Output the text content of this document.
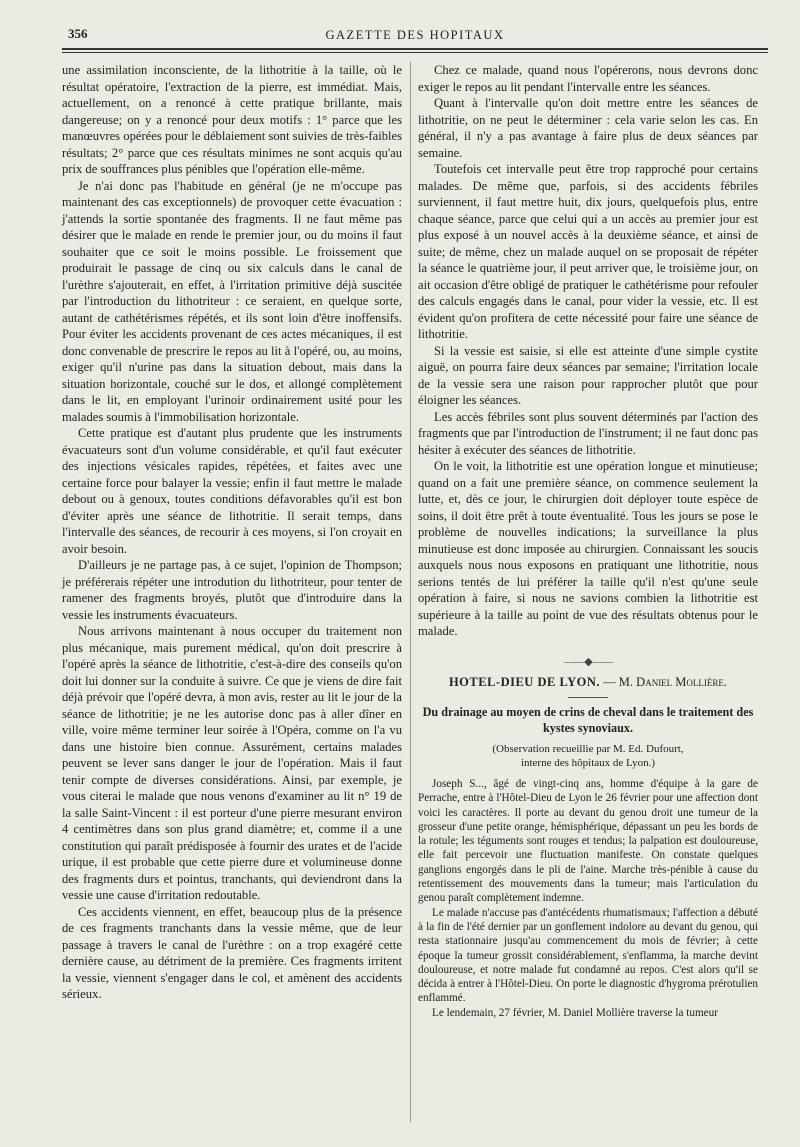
356	GAZETTE DES HOPITAUX

une assimilation inconsciente, de la lithotritie à la taille, où le résultat opératoire, l'extraction de la pierre, est immédiat. Mais, actuellement, on a renoncé à cette pratique brillante, mais dangereuse; on y a renoncé pour deux motifs : 1° parce que les manœuvres opérées pour le déblaiement sont suivies de très-faibles résultats; 2° parce que ces résultats minimes ne sont acquis qu'au prix de souffrances plus pénibles que l'opération elle-même.

Je n'ai donc pas l'habitude en général (je ne m'occupe pas maintenant des cas exceptionnels) de provoquer cette évacuation : j'attends la sortie spontanée des fragments. Il ne faut même pas désirer que le malade en rende le premier jour, ou du moins il faut souhaiter que ce soit le moins possible. Le froissement que produirait le passage de cinq ou six calculs dans le canal de l'urèthre s'ajouterait, en effet, à l'irritation primitive déjà suscitée par l'introduction du lithotriteur : ce seraient, en quelque sorte, autant de cathétérismes répétés, et ils sont loin d'être inoffensifs. Pour éviter les accidents provenant de ces actes mécaniques, il est donc convenable de prescrire le repos au lit à l'opéré, ou, au moins, exiger qu'il n'urine pas dans la situation debout, mais dans la situation horizontale, couché sur le dos, et allongé complètement dans le lit, en employant l'urinoir ordinairement usité pour les malades soumis à l'immobilisation horizontale.

Cette pratique est d'autant plus prudente que les instruments évacuateurs sont d'un volume considérable, et qu'il faut exécuter des injections vésicales rapides, répétées, et faites avec une certaine force pour balayer la vessie; enfin il faut mettre le malade debout ou à genoux, toutes conditions défavorables qu'il est bon d'éviter après une séance de lithotritie. Il serait temps, dans l'intervalle des séances, de recourir à ces moyens, si l'on croyait en avoir besoin.

D'ailleurs je ne partage pas, à ce sujet, l'opinion de Thompson; je préférerais répéter une introdution du lithotriteur, pour tenter de ramener des fragments broyés, plutôt que d'introduire dans la vessie les instruments évacuateurs.

Nous arrivons maintenant à nous occuper du traitement non plus mécanique, mais purement médical, qu'on doit prescrire à l'opéré après la séance de lithotritie, c'est-à-dire des conseils qu'on doit lui donner sur la conduite à suivre. Ce que je viens de dire fait déjà prévoir que l'opéré devra, à mon avis, rester au lit le jour de la séance de lithotritie; je ne les autorise donc pas à aller dîner en ville, voire même terminer leur soirée à l'Opéra, comme on l'a vu dans une histoire bien connue. Assurément, certains malades peuvent se lever sans danger le jour de l'opération. Mais il faut tenir compte de diverses considérations. Ainsi, par exemple, je vous citerai le malade que nous venons d'examiner au lit n° 19 de la salle Saint-Vincent : il est porteur d'une pierre mesurant environ 4 centimètres dans son plus grand diamètre; et, comme il a une constitution qui paraît prédisposée à fournir des urates et de l'acide urique, il est probable que cette pierre dure et volumineuse donne des fragments durs et pointus, tranchants, qui deviendront dans la vessie une cause d'irritation redoutable.

Ces accidents viennent, en effet, beaucoup plus de la présence de ces fragments tranchants dans la vessie même, que de leur passage à travers le canal de l'urèthre : on a trop exagéré cette dernière cause, au détriment de la première. Ces fragments irritent la vessie, viennent s'engager dans le col, et amènent des accidents sérieux.

Chez ce malade, quand nous l'opérerons, nous devrons donc exiger le repos au lit pendant l'intervalle entre les séances.

Quant à l'intervalle qu'on doit mettre entre les séances de lithotritie, on ne peut le déterminer : cela varie selon les cas. En général, il n'y a pas avantage à faire plus de deux séances par semaine.

Toutefois cet intervalle peut être trop rapproché pour certains malades. De même que, parfois, si des accidents fébriles surviennent, il faut mettre huit, dix jours, quelquefois plus, entre chaque séance, parce que celui qui a un accès au premier jour est plus exposé à un nouvel accès à la deuxième séance, et ainsi de suite; de même, chez un malade auquel on se proposait de répéter la séance le quatrième jour, il peut arriver que, le troisième jour, on ait occasion d'être obligé de pratiquer le cathétérisme pour refouler des calculs engagés dans le canal, pour vider la vessie, etc. Il est évident qu'on profitera de cette nécessité pour faire une séance de lithotritie.

Si la vessie est saisie, si elle est atteinte d'une simple cystite aiguë, on pourra faire deux séances par semaine; l'irritation locale de la vessie sera une raison pour rapprocher plutôt que pour éloigner les séances.

Les accès fébriles sont plus souvent déterminés par l'action des fragments que par l'introduction de l'instrument; il ne faut donc pas hésiter à exécuter des séances de lithotritie.

On le voit, la lithotritie est une opération longue et minutieuse; quand on a fait une première séance, on commence seulement la lutte, et, dès ce jour, le chirurgien doit déployer toute espèce de soins, il doit être prêt à toute éventualité. Tous les jours se pose le problème de nouvelles indications; la surveillance la plus minutieuse est donc imposée au chirurgien. Connaissant les soucis auxquels nous nous exposons en pratiquant une lithotritie, nous serions tentés de lui préférer la taille qu'il n'est qu'une seule opération à faire, si nous ne savions combien la lithotritie est supérieure à la taille au point de vue des résultats obtenus pour le malade.

——◆——
HOTEL-DIEU DE LYON. — M. Daniel Mollière.
Du drainage au moyen de crins de cheval dans le traitement des kystes synoviaux.
(Observation recueillie par M. Ed. Dufourt,
interne des hôpitaux de Lyon.)

Joseph S..., âgé de vingt-cinq ans, homme d'équipe à la gare de Perrache, entre à l'Hôtel-Dieu de Lyon le 26 février pour une affection dont voici les caractères. Il porte au devant du genou droit une tumeur de la grosseur d'une petite orange, hémisphérique, dépassant un peu les bords de la rotule; les téguments sont rouges et tendus; la palpation est douloureuse, elle fait percevoir une fluctuation manifeste. On constate quelques ganglions engorgés dans le pli de l'aine. Marche très-pénible à cause du retentissement des mouvements dans la tumeur; mais l'articulation du genou paraît complètement indemne.

Le malade n'accuse pas d'antécédents rhumatismaux; l'affection a débuté à la fin de l'été dernier par un gonflement indolore au devant du genou, qui resta stationnaire jusqu'au commencement du mois de février; à cette époque la tumeur grossit considérablement, s'enflamma, la marche devint douloureuse, et notre malade fut condamné au repos. C'est alors qu'il se décida à entrer à l'Hôtel-Dieu. On porte le diagnostic d'hygroma prérotulien enflammé.

Le lendemain, 27 février, M. Daniel Mollière traverse la tumeur
